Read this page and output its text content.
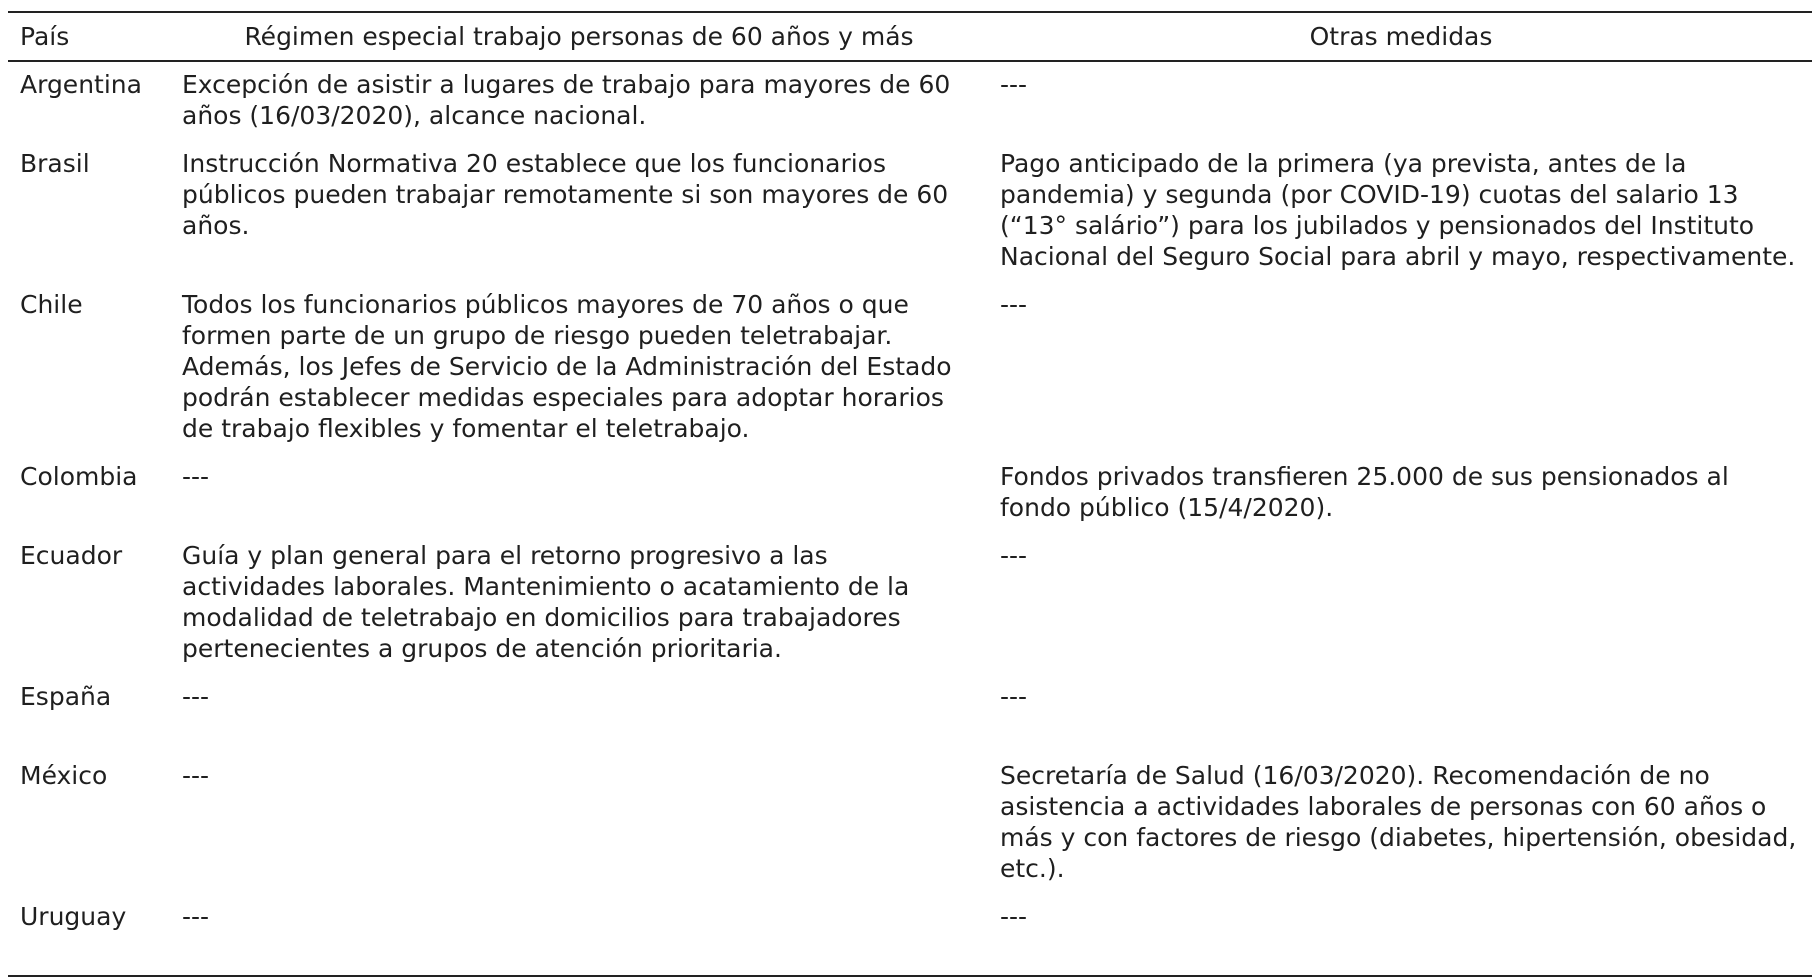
País	Régimen especial trabajo personas de 60 años y más	Otras medidas
Argentina	Excepción de asistir a lugares de trabajo para mayores de 60 años (16/03/2020), alcance nacional.	---
Brasil	Instrucción Normativa 20 establece que los funcionarios públicos pueden trabajar remotamente si son mayores de 60 años.	Pago anticipado de la primera (ya prevista, antes de la pandemia) y segunda (por COVID-19) cuotas del salario 13 (“13° salário”) para los jubilados y pensionados del Instituto Nacional del Seguro Social para abril y mayo, respectivamente.
Chile	Todos los funcionarios públicos mayores de 70 años o que formen parte de un grupo de riesgo pueden teletrabajar. Además, los Jefes de Servicio de la Administración del Estado podrán establecer medidas especiales para adoptar horarios de trabajo flexibles y fomentar el teletrabajo.	---
Colombia	---	Fondos privados transfieren 25.000 de sus pensionados al fondo público (15/4/2020).
Ecuador	Guía y plan general para el retorno progresivo a las actividades laborales. Mantenimiento o acatamiento de la modalidad de teletrabajo en domicilios para trabajadores pertenecientes a grupos de atención prioritaria.	---
España	---	---
México	---	Secretaría de Salud (16/03/2020). Recomendación de no asistencia a actividades laborales de personas con 60 años o más y con factores de riesgo (diabetes, hipertensión, obesidad, etc.).
Uruguay	---	---
